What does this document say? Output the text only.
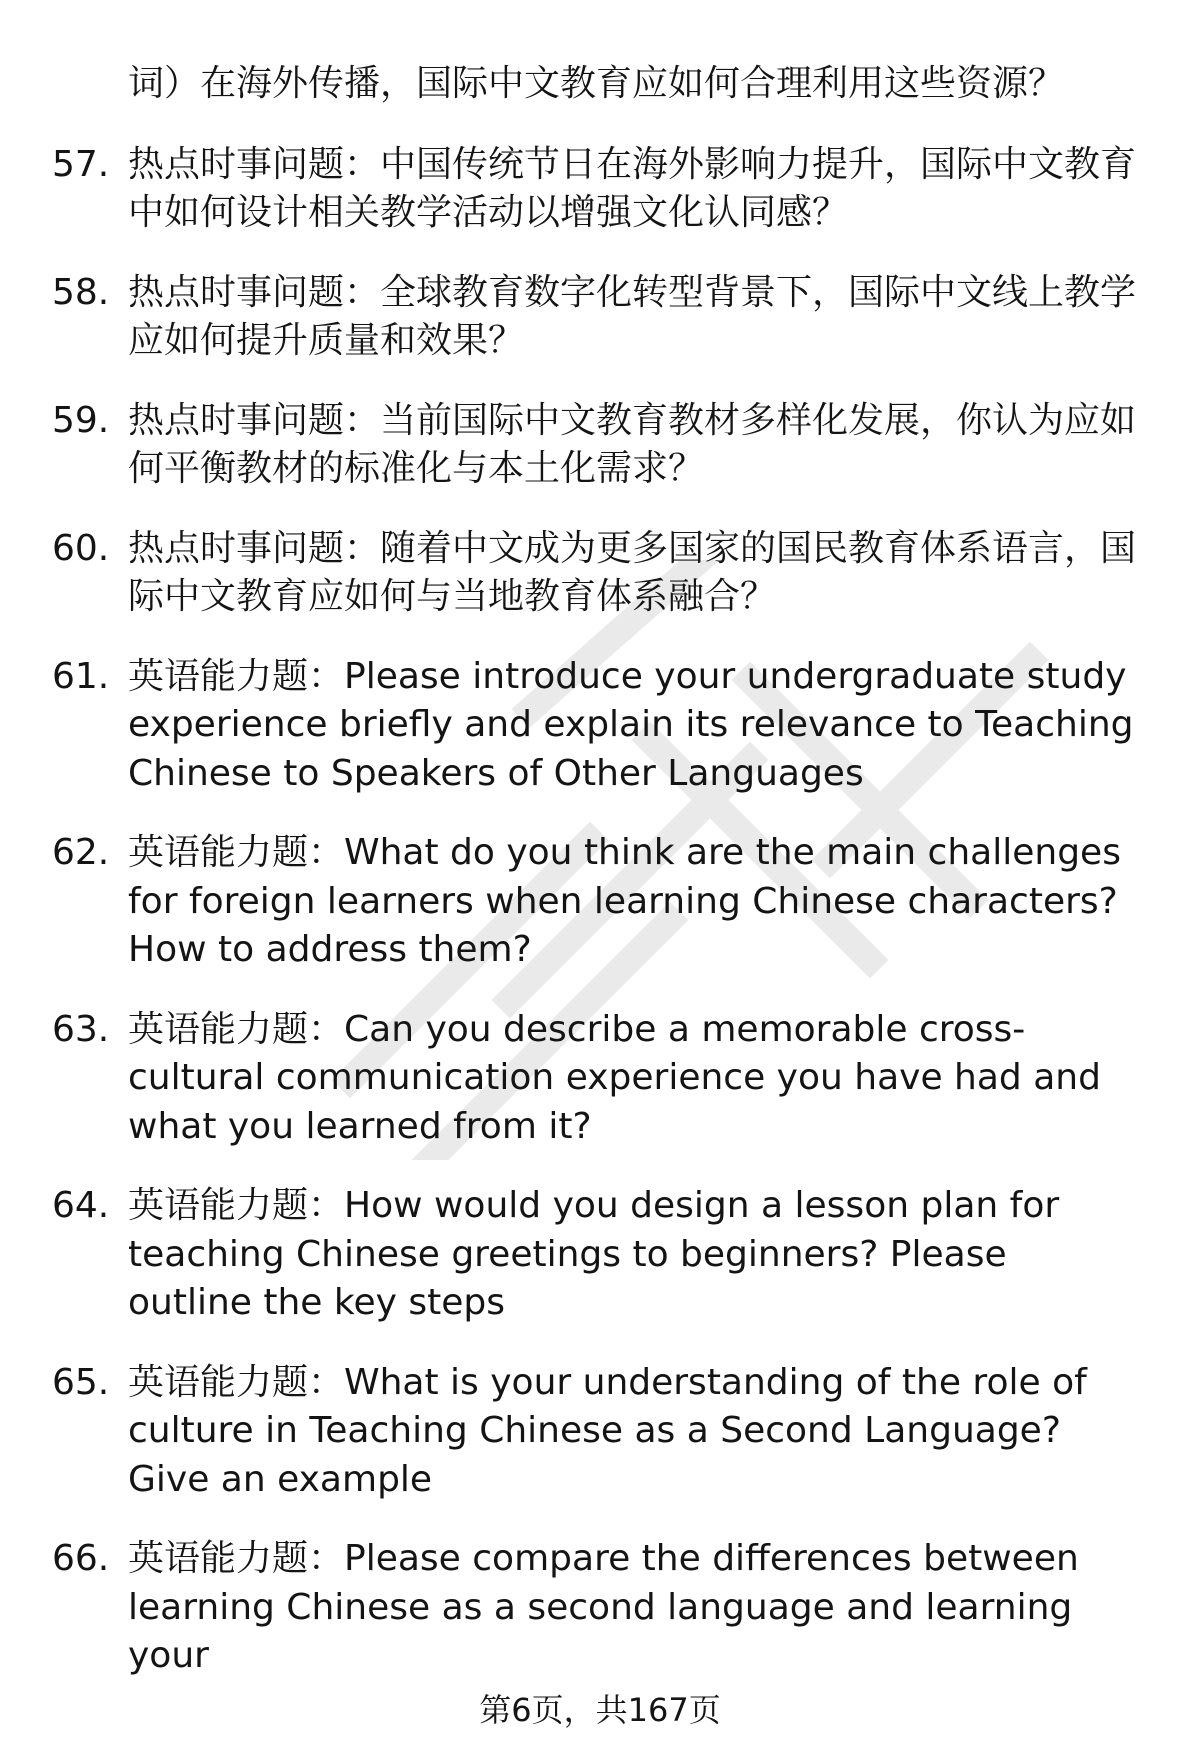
词）在海外传播，国际中文教育应如何合理利用这些资源？
57. 热点时事问题：中国传统节日在海外影响力提升，国际中文教育中如何设计相关教学活动以增强文化认同感？
58. 热点时事问题：全球教育数字化转型背景下，国际中文线上教学应如何提升质量和效果？
59. 热点时事问题：当前国际中文教育教材多样化发展，你认为应如何平衡教材的标准化与本土化需求？
60. 热点时事问题：随着中文成为更多国家的国民教育体系语言，国际中文教育应如何与当地教育体系融合？
61. 英语能力题：Please introduce your undergraduate study experience briefly and explain its relevance to Teaching Chinese to Speakers of Other Languages
62. 英语能力题：What do you think are the main challenges for foreign learners when learning Chinese characters? How to address them?
63. 英语能力题：Can you describe a memorable cross-cultural communication experience you have had and what you learned from it?
64. 英语能力题：How would you design a lesson plan for teaching Chinese greetings to beginners? Please outline the key steps
65. 英语能力题：What is your understanding of the role of culture in Teaching Chinese as a Second Language? Give an example
66. 英语能力题：Please compare the differences between learning Chinese as a second language and learning your
第6页，共167页
